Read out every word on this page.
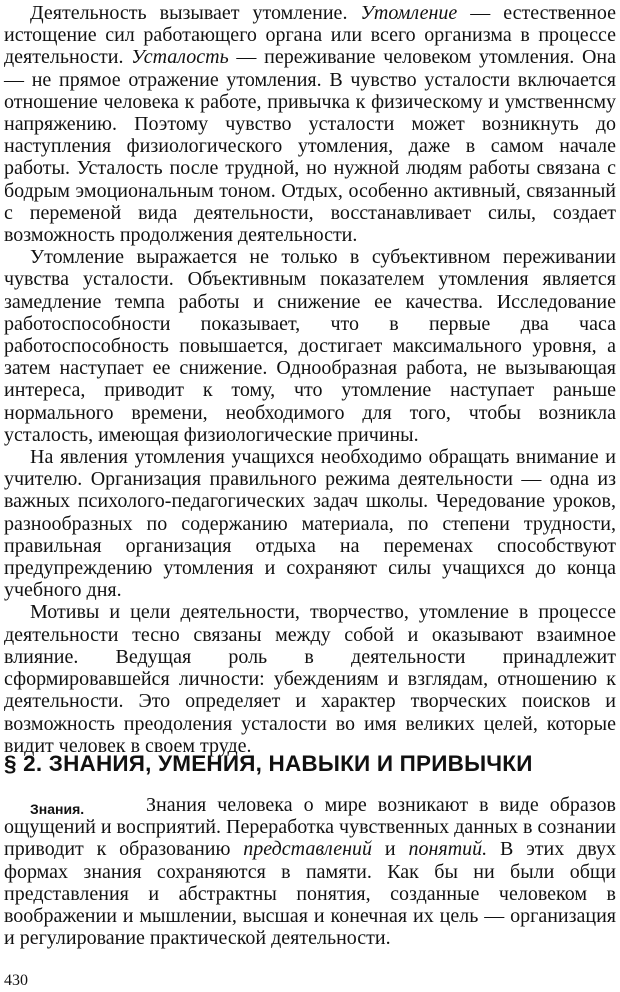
Деятельность вызывает утомление. Утомление — естественное истощение сил работающего органа или всего организма в процессе деятельности. Усталость — переживание человеком утомления. Она — не прямое отражение утомления. В чувство усталости включается отношение человека к работе, привычка к физическому и умственнсму напряжению. Поэтому чувство усталости может возникнуть до наступления физиологического утомления, даже в самом начале работы. Усталость после трудной, но нужной людям работы связана с бодрым эмоциональным тоном. Отдых, особенно активный, связанный с переменой вида деятельности, восстанавливает силы, создает возможность продолжения деятельности.

Утомление выражается не только в субъективном переживании чувства усталости. Объективным показателем утомления является замедление темпа работы и снижение ее качества. Исследование работоспособности показывает, что в первые два часа работоспособность повышается, достигает максимального уровня, а затем наступает ее снижение. Однообразная работа, не вызывающая интереса, приводит к тому, что утомление наступает раньше нормального времени, необходимого для того, чтобы возникла усталость, имеющая физиологические причины.

На явления утомления учащихся необходимо обращать внимание и учителю. Организация правильного режима деятельности — одна из важных психолого-педагогических задач школы. Чередование уроков, разнообразных по содержанию материала, по степени трудности, правильная организация отдыха на переменах способствуют предупреждению утомления и сохраняют силы учащихся до конца учебного дня.

Мотивы и цели деятельности, творчество, утомление в процессе деятельности тесно связаны между собой и оказывают взаимное влияние. Ведущая роль в деятельности принадлежит сформировавшейся личности: убеждениям и взглядам, отношению к деятельности. Это определяет и характер творческих поисков и возможность преодоления усталости во имя великих целей, которые видит человек в своем труде.

§ 2. ЗНАНИЯ, УМЕНИЯ, НАВЫКИ И ПРИВЫЧКИ
Знания.	Знания человека о мире возникают в виде образов ощущений и восприятий. Переработка чувственных данных в сознании приводит к образованию представлений и понятий. В этих двух формах знания сохраняются в памяти. Как бы ни были общи представления и абстрактны понятия, созданные человеком в воображении и мышлении, высшая и конечная их цель — организация и регулирование практической деятельности.

430
